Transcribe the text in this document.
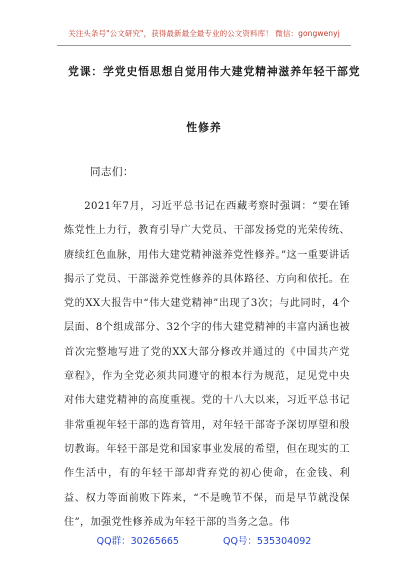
关注头条号"公文研究"，获得最新最全最专业的公文资料库！ 微信：gongwenyj
党课：学党史悟思想自觉用伟大建党精神滋养年轻干部党
性修养
同志们：
2021年7月，习近平总书记在西藏考察时强调：“要在锤炼党性上力行，教育引导广大党员、干部发扬党的光荣传统、赓续红色血脉，用伟大建党精神滋养党性修养。”这一重要讲话揭示了党员、干部滋养党性修养的具体路径、方向和依托。在党的XX大报告中“伟大建党精神”出现了3次；与此同时，4个层面、8个组成部分、32个字的伟大建党精神的丰富内涵也被首次完整地写进了党的XX大部分修改并通过的《中国共产党章程》，作为全党必须共同遵守的根本行为规范，足见党中央对伟大建党精神的高度重视。党的十八大以来，习近平总书记非常重视年轻干部的选育管用，对年轻干部寄予深切厚望和殷切教诲。年轻干部是党和国家事业发展的希望，但在现实的工作生活中，有的年轻干部却背弃党的初心使命，在金钱、利益、权力等面前败下阵来，“不是晚节不保，而是早节就没保住”，加强党性修养成为年轻干部的当务之急。伟
QQ群：30265665	QQ号：535304092
